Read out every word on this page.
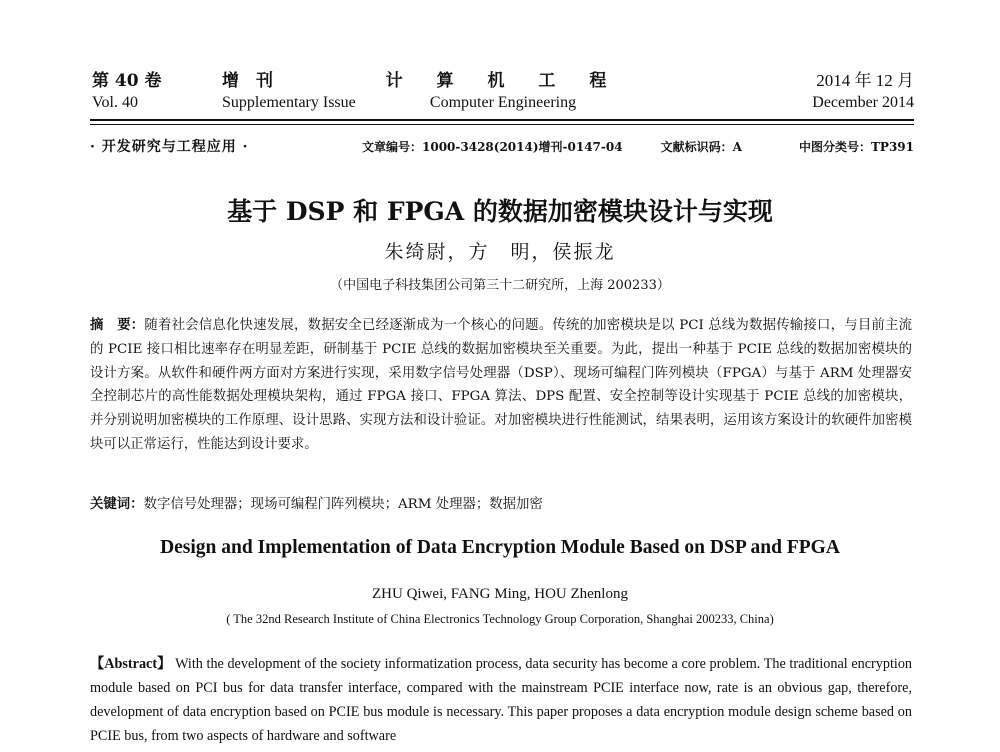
第 40 卷	增　刊	计 算 机 工 程	2014 年 12 月
Vol. 40	Supplementary Issue	Computer Engineering	December 2014
· 开发研究与工程应用 ·	文章编号：1000-3428(2014)增刊-0147-04	文献标识码：A	中图分类号：TP391
基于 DSP 和 FPGA 的数据加密模块设计与实现
朱绮尉，方　明，侯振龙
（中国电子科技集团公司第三十二研究所，上海 200233）
摘　要：随着社会信息化快速发展，数据安全已经逐渐成为一个核心的问题。传统的加密模块是以 PCI 总线为数据传输接口，与目前主流的 PCIE 接口相比速率存在明显差距，研制基于 PCIE 总线的数据加密模块至关重要。为此，提出一种基于 PCIE 总线的数据加密模块的设计方案。从软件和硬件两方面对方案进行实现，采用数字信号处理器（DSP）、现场可编程门阵列模块（FPGA）与基于 ARM 处理器安全控制芯片的高性能数据处理模块架构，通过 FPGA 接口、FPGA 算法、DPS 配置、安全控制等设计实现基于 PCIE 总线的加密模块，并分别说明加密模块的工作原理、设计思路、实现方法和设计验证。对加密模块进行性能测试，结果表明，运用该方案设计的软硬件加密模块可以正常运行，性能达到设计要求。
关键词：数字信号处理器；现场可编程门阵列模块；ARM 处理器；数据加密
Design and Implementation of Data Encryption Module Based on DSP and FPGA
ZHU Qiwei, FANG Ming, HOU Zhenlong
( The 32nd Research Institute of China Electronics Technology Group Corporation, Shanghai 200233, China)
【Abstract】 With the development of the society informatization process, data security has become a core problem. The traditional encryption module based on PCI bus for data transfer interface, compared with the mainstream PCIE interface now, rate is an obvious gap, therefore, development of data encryption based on PCIE bus module is necessary. This paper proposes a data encryption module design scheme based on PCIE bus, from two aspects of hardware and software
